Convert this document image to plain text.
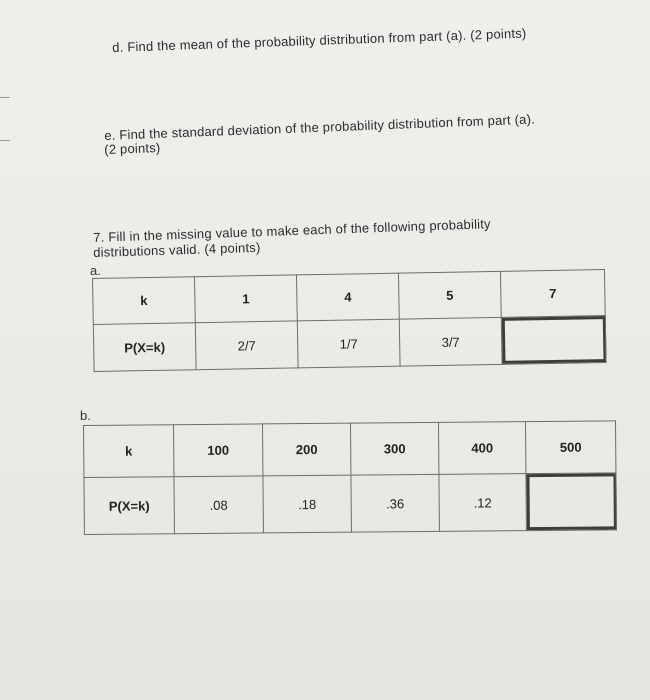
d. Find the mean of the probability distribution from part (a). (2 points)
e. Find the standard deviation of the probability distribution from part (a).
(2 points)
7. Fill in the missing value to make each of the following probability
distributions valid. (4 points)
a.
k	1	4	5	7
P(X=k)	2/7	1/7	3/7	
b.
k	100	200	300	400	500
P(X=k)	.08	.18	.36	.12	
